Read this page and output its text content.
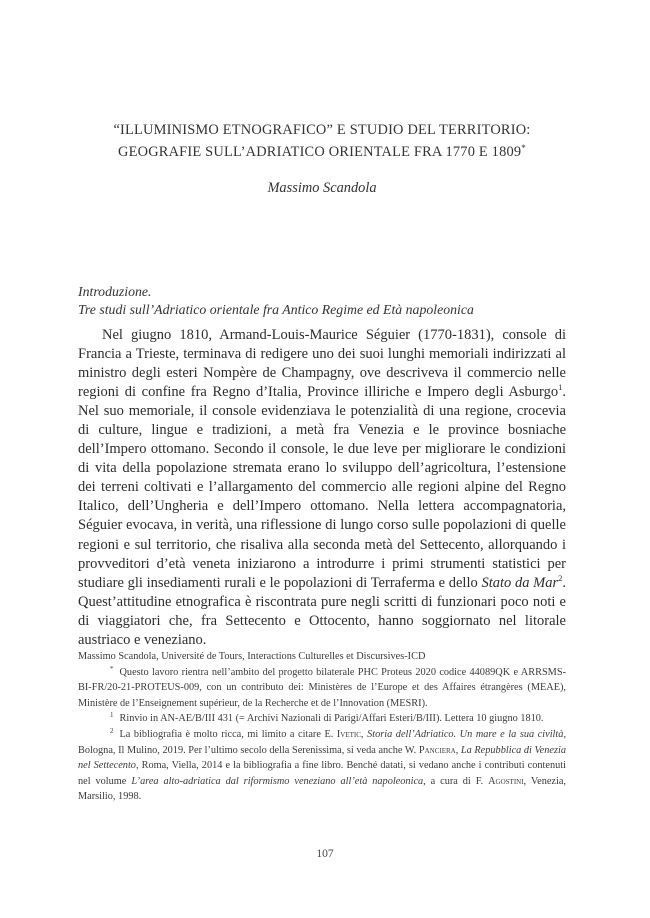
“ILLUMINISMO ETNOGRAFICO” E STUDIO DEL TERRITORIO:
GEOGRAFIE SULL’ADRIATICO ORIENTALE FRA 1770 E 1809*
Massimo Scandola
Introduzione.
Tre studi sull’Adriatico orientale fra Antico Regime ed Età napoleonica

Nel giugno 1810, Armand-Louis-Maurice Séguier (1770-1831), console di Francia a Trieste, terminava di redigere uno dei suoi lunghi memoriali indirizzati al ministro degli esteri Nompère de Champagny, ove descriveva il commercio nelle regioni di confine fra Regno d’Italia, Province illiriche e Impero degli Asburgo$^1$. Nel suo memoriale, il console evidenziava le potenzialità di una regione, crocevia di culture, lingue e tradizioni, a metà fra Venezia e le province bosniache dell’Impero ottomano. Secondo il console, le due leve per migliorare le condizioni di vita della popolazione stremata erano lo sviluppo dell’agricoltura, l’estensione dei terreni coltivati e l’allargamento del commercio alle regioni alpine del Regno Italico, dell’Ungheria e dell’Impero ottomano. Nella lettera accompagnatoria, Séguier evocava, in verità, una riflessione di lungo corso sulle popolazioni di quelle regioni e sul territorio, che risaliva alla seconda metà del Settecento, allorquando i provveditori d’età veneta iniziarono a introdurre i primi strumenti statistici per studiare gli insediamenti rurali e le popolazioni di Terraferma e dello Stato da Mar$^2$. Quest’attitudine etnografica è riscontrata pure negli scritti di funzionari poco noti e di viaggiatori che, fra Settecento e Ottocento, hanno soggiornato nel litorale austriaco e veneziano.

Massimo Scandola, Université de Tours, Interactions Culturelles et Discursives-ICD

* Questo lavoro rientra nell’ambito del progetto bilaterale PHC Proteus 2020 codice 44089QK e ARRSMS-BI-FR/20-21-PROTEUS-009, con un contributo dei: Ministères de l’Europe et des Affaires étrangères (MEAE), Ministère de l’Enseignement supérieur, de la Recherche et de l’Innovation (MESRI).

$^1$ Rinvio in AN-AE/B/III 431 (= Archivi Nazionali di Parigi/Affari Esteri/B/III). Lettera 10 giugno 1810.

$^2$ La bibliografia è molto ricca, mi limito a citare E. Ivetic, Storia dell’Adriatico. Un mare e la sua civiltà, Bologna, Il Mulino, 2019. Per l’ultimo secolo della Serenissima, si veda anche W. Panciera, La Repubblica di Venezia nel Settecento, Roma, Viella, 2014 e la bibliografia a fine libro. Benché datati, si vedano anche i contributi contenuti nel volume L’area alto-adriatica dal riformismo veneziano all’età napoleonica, a cura di F. Agostini, Venezia, Marsilio, 1998.

107
